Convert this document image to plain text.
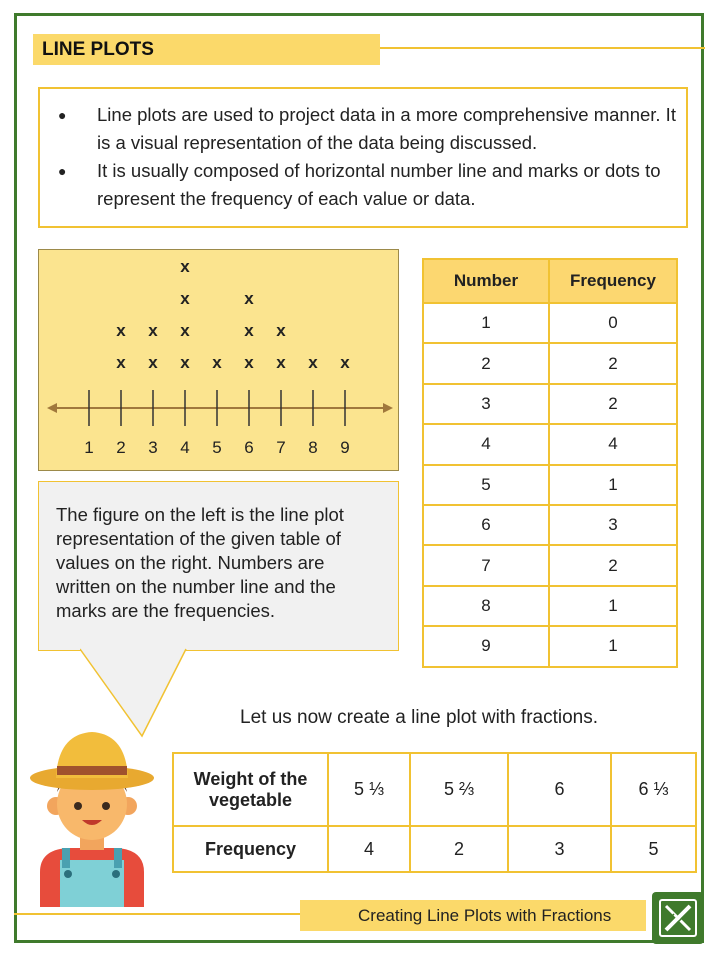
LINE PLOTS
● Line plots are used to project data in a more comprehensive manner. It is a visual representation of the data being discussed.
● It is usually composed of horizontal number line and marks or dots to represent the frequency of each value or data.
1 2
x
x
3
x
x
4
x
x
x
x
5
x
6
x
x
x
7
x
x
8
x
9
x
Number	Frequency
1	0
2	2
3	2
4	4
5	1
6	3
7	2
8	1
9	1
The figure on the left is the line plot representation of the given table of values on the right. Numbers are written on the number line and the marks are the frequencies.
Let us now create a line plot with fractions.
Weight of the vegetable	5 ⅓	5 ⅔	6	6 ⅓
Frequency	4	2	3	5
Creating Line Plots with Fractions
